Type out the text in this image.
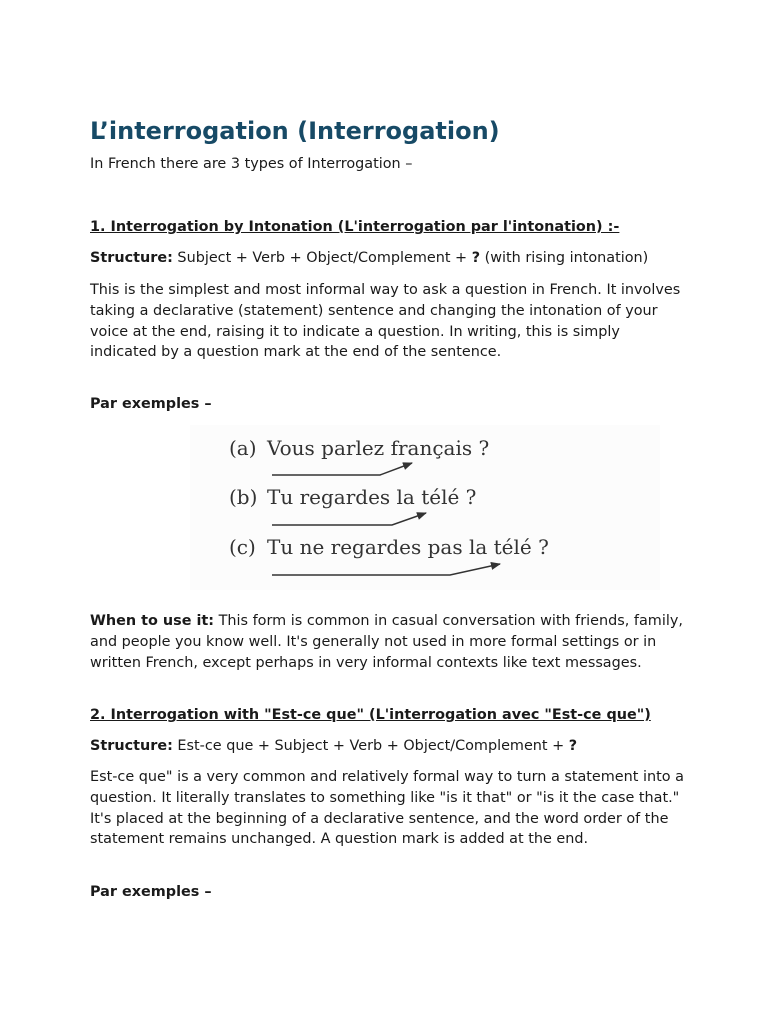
L’interrogation (Interrogation)

In French there are 3 types of Interrogation –

1. Interrogation by Intonation (L'interrogation par l'intonation) :-

Structure: Subject + Verb + Object/Complement + ? (with rising intonation)

This is the simplest and most informal way to ask a question in French. It involves taking a declarative (statement) sentence and changing the intonation of your voice at the end, raising it to indicate a question. In writing, this is simply indicated by a question mark at the end of the sentence.

Par exemples –

(a) Vous parlez français ?
(b) Tu regardes la télé ?
(c) Tu ne regardes pas la télé ?

When to use it: This form is common in casual conversation with friends, family, and people you know well. It's generally not used in more formal settings or in written French, except perhaps in very informal contexts like text messages.

2. Interrogation with "Est-ce que" (L'interrogation avec "Est-ce que")

Structure: Est-ce que + Subject + Verb + Object/Complement + ?

Est-ce que" is a very common and relatively formal way to turn a statement into a question. It literally translates to something like "is it that" or "is it the case that." It's placed at the beginning of a declarative sentence, and the word order of the statement remains unchanged. A question mark is added at the end.

Par exemples –
